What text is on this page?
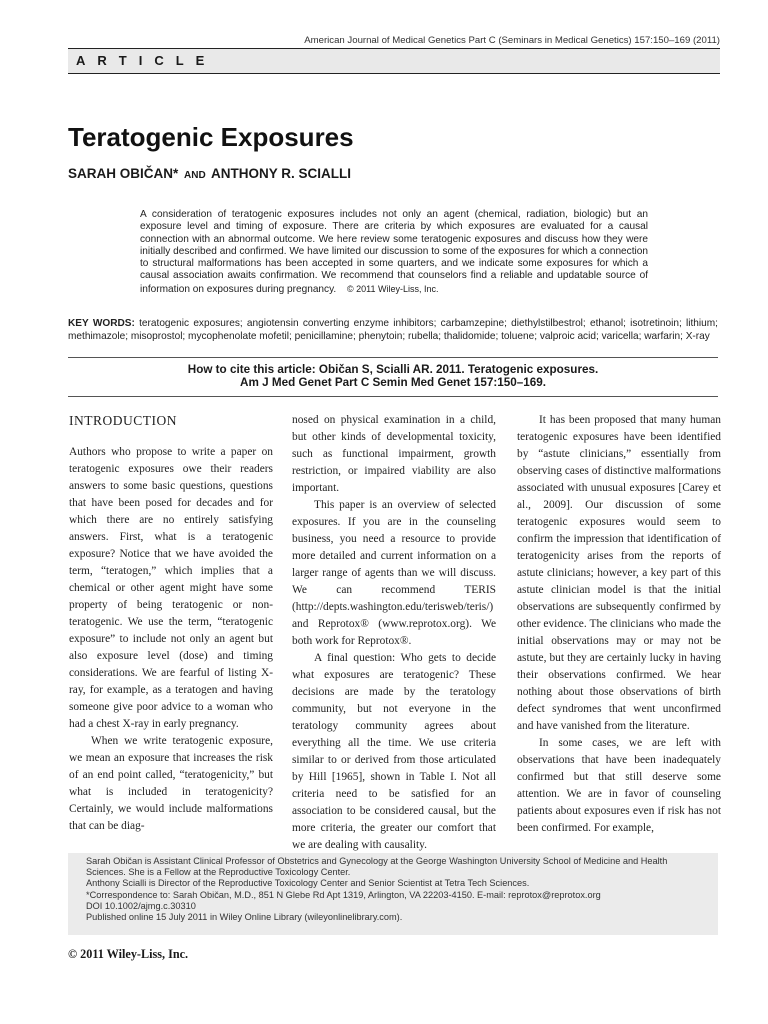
American Journal of Medical Genetics Part C (Seminars in Medical Genetics) 157:150–169 (2011)
ARTICLE
Teratogenic Exposures
SARAH OBIČAN* AND ANTHONY R. SCIALLI
A consideration of teratogenic exposures includes not only an agent (chemical, radiation, biologic) but an exposure level and timing of exposure. There are criteria by which exposures are evaluated for a causal connection with an abnormal outcome. We here review some teratogenic exposures and discuss how they were initially described and confirmed. We have limited our discussion to some of the exposures for which a connection to structural malformations has been accepted in some quarters, and we indicate some exposures for which a causal association awaits confirmation. We recommend that counselors find a reliable and updatable source of information on exposures during pregnancy. © 2011 Wiley-Liss, Inc.
KEY WORDS: teratogenic exposures; angiotensin converting enzyme inhibitors; carbamzepine; diethylstilbestrol; ethanol; isotretinoin; lithium; methimazole; misoprostol; mycophenolate mofetil; penicillamine; phenytoin; rubella; thalidomide; toluene; valproic acid; varicella; warfarin; X-ray
How to cite this article: Običan S, Scialli AR. 2011. Teratogenic exposures.
Am J Med Genet Part C Semin Med Genet 157:150–169.
INTRODUCTION

Authors who propose to write a paper on teratogenic exposures owe their readers answers to some basic questions, questions that have been posed for decades and for which there are no entirely satisfying answers. First, what is a teratogenic exposure? Notice that we have avoided the term, “teratogen,” which implies that a chemical or other agent might have some property of being teratogenic or non-teratogenic. We use the term, “teratogenic exposure” to include not only an agent but also exposure level (dose) and timing considerations. We are fearful of listing X-ray, for example, as a teratogen and having someone give poor advice to a woman who had a chest X-ray in early pregnancy.

When we write teratogenic exposure, we mean an exposure that increases the risk of an end point called, “teratogenicity,” but what is included in teratogenicity? Certainly, we would include malformations that can be diag-

nosed on physical examination in a child, but other kinds of developmental toxicity, such as functional impairment, growth restriction, or impaired viability are also important.

This paper is an overview of selected exposures. If you are in the counseling business, you need a resource to provide more detailed and current information on a larger range of agents than we will discuss. We can recommend TERIS (http://depts.washington.edu/terisweb/teris/) and Reprotox® (www.reprotox.org). We both work for Reprotox®.

A final question: Who gets to decide what exposures are teratogenic? These decisions are made by the teratology community, but not everyone in the teratology community agrees about everything all the time. We use criteria similar to or derived from those articulated by Hill [1965], shown in Table I. Not all criteria need to be satisfied for an association to be considered causal, but the more criteria, the greater our comfort that we are dealing with causality.

It has been proposed that many human teratogenic exposures have been identified by “astute clinicians,” essentially from observing cases of distinctive malformations associated with unusual exposures [Carey et al., 2009]. Our discussion of some teratogenic exposures would seem to confirm the impression that identification of teratogenicity arises from the reports of astute clinicians; however, a key part of this astute clinician model is that the initial observations are subsequently confirmed by other evidence. The clinicians who made the initial observations may or may not be astute, but they are certainly lucky in having their observations confirmed. We hear nothing about those observations of birth defect syndromes that went unconfirmed and have vanished from the literature.

In some cases, we are left with observations that have been inadequately confirmed but that still deserve some attention. We are in favor of counseling patients about exposures even if risk has not been confirmed. For example,

Sarah Običan is Assistant Clinical Professor of Obstetrics and Gynecology at the George Washington University School of Medicine and Health Sciences. She is a Fellow at the Reproductive Toxicology Center.
Anthony Scialli is Director of the Reproductive Toxicology Center and Senior Scientist at Tetra Tech Sciences.
*Correspondence to: Sarah Običan, M.D., 851 N Glebe Rd Apt 1319, Arlington, VA 22203-4150. E-mail: reprotox@reprotox.org
DOI 10.1002/ajmg.c.30310
Published online 15 July 2011 in Wiley Online Library (wileyonlinelibrary.com).
© 2011 Wiley-Liss, Inc.
